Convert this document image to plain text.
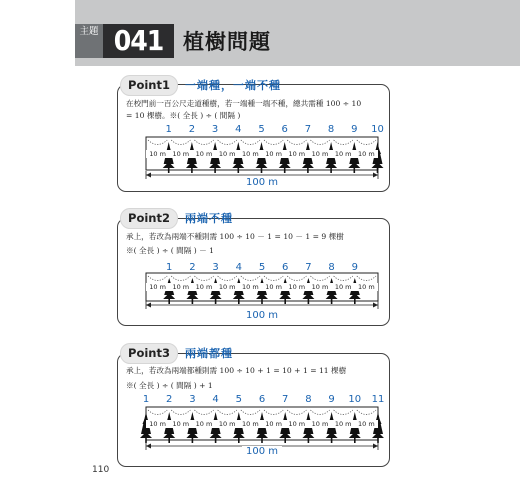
主題 041 植樹問題
Point1	一端種，一端不種
在校門前一百公尺走道種樹，若一端種一端不種，總共需種 100 ÷ 10
= 10 棵樹。※( 全長 ) ÷ ( 間隔 )
Point2	兩端不種
承上，若改為兩端不種則需 100 ÷ 10 － 1 = 10 － 1 = 9 棵樹
※( 全長 ) ÷ ( 間隔 ) － 1
Point3	兩端都種
承上，若改為兩端都種則需 100 ÷ 10 + 1 = 10 + 1 = 11 棵樹
※( 全長 ) ÷ ( 間隔 ) + 1
110
10 m	10 m	10 m	10 m	10 m	10 m	10 m	10 m	10 m	10 m
1	2	3	4	5	6	7	8	9	10
100 m
10 m	10 m	10 m	10 m	10 m	10 m	10 m	10 m	10 m	10 m
1	2	3	4	5	6	7	8	9
100 m
10 m	10 m	10 m	10 m	10 m	10 m	10 m	10 m	10 m	10 m
1	2	3	4	5	6	7	8	9	10 11
100 m
